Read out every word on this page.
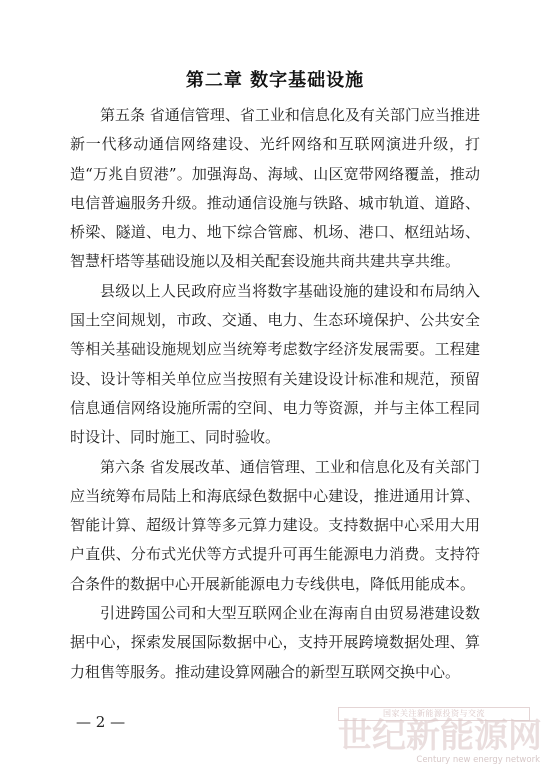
第二章 数字基础设施

第五条 省通信管理、省工业和信息化及有关部门应当推进新一代移动通信网络建设、光纤网络和互联网演进升级，打造“万兆自贸港”。加强海岛、海域、山区宽带网络覆盖，推动电信普遍服务升级。推动通信设施与铁路、城市轨道、道路、桥梁、隧道、电力、地下综合管廊、机场、港口、枢纽站场、智慧杆塔等基础设施以及相关配套设施共商共建共享共维。

县级以上人民政府应当将数字基础设施的建设和布局纳入国土空间规划，市政、交通、电力、生态环境保护、公共安全等相关基础设施规划应当统筹考虑数字经济发展需要。工程建设、设计等相关单位应当按照有关建设设计标准和规范，预留信息通信网络设施所需的空间、电力等资源，并与主体工程同时设计、同时施工、同时验收。

第六条 省发展改革、通信管理、工业和信息化及有关部门应当统筹布局陆上和海底绿色数据中心建设，推进通用计算、智能计算、超级计算等多元算力建设。支持数据中心采用大用户直供、分布式光伏等方式提升可再生能源电力消费。支持符合条件的数据中心开展新能源电力专线供电，降低用能成本。

引进跨国公司和大型互联网企业在海南自由贸易港建设数据中心，探索发展国际数据中心，支持开展跨境数据处理、算力租售等服务。推动建设算网融合的新型互联网交换中心。

— 2 —	国家关注新能源投资与交流
世纪新能源网
Century new energy network
